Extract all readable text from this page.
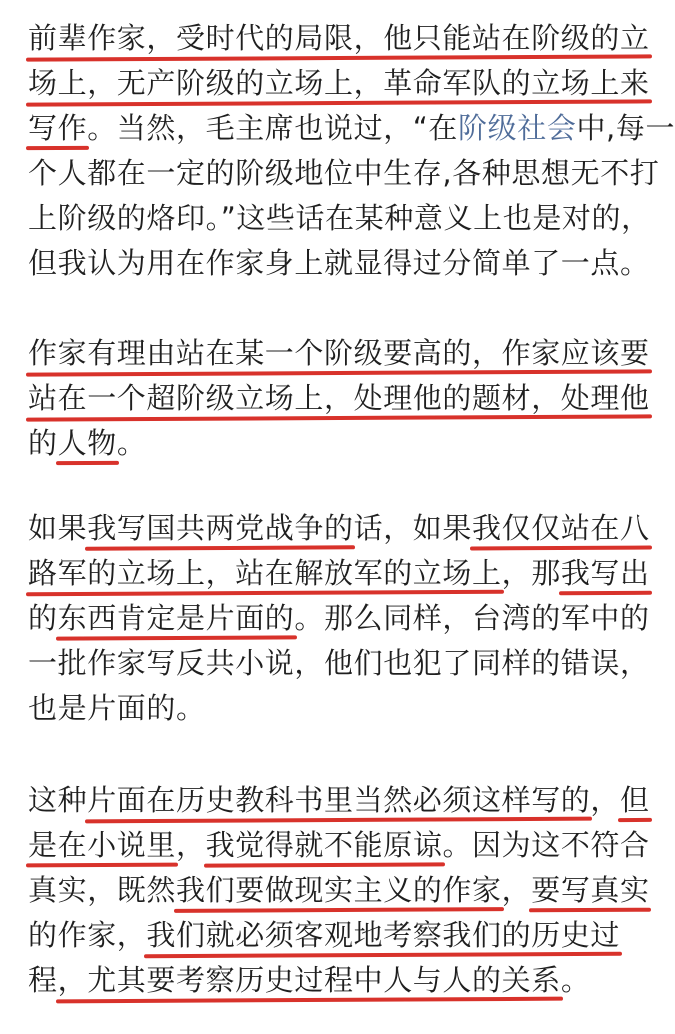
前辈作家，受时代的局限，他只能站在阶级的立
场上，无产阶级的立场上，革命军队的立场上来
写作。当然，毛主席也说过，“在阶级社会中,每一
个人都在一定的阶级地位中生存,各种思想无不打
上阶级的烙印。”这些话在某种意义上也是对的，
但我认为用在作家身上就显得过分简单了一点。
作家有理由站在某一个阶级要高的，作家应该要
站在一个超阶级立场上，处理他的题材，处理他
的人物。
如果我写国共两党战争的话，如果我仅仅站在八
路军的立场上，站在解放军的立场上，那我写出
的东西肯定是片面的。那么同样，台湾的军中的
一批作家写反共小说，他们也犯了同样的错误，
也是片面的。
这种片面在历史教科书里当然必须这样写的，但
是在小说里，我觉得就不能原谅。因为这不符合
真实，既然我们要做现实主义的作家，要写真实
的作家，我们就必须客观地考察我们的历史过
程，尤其要考察历史过程中人与人的关系。
